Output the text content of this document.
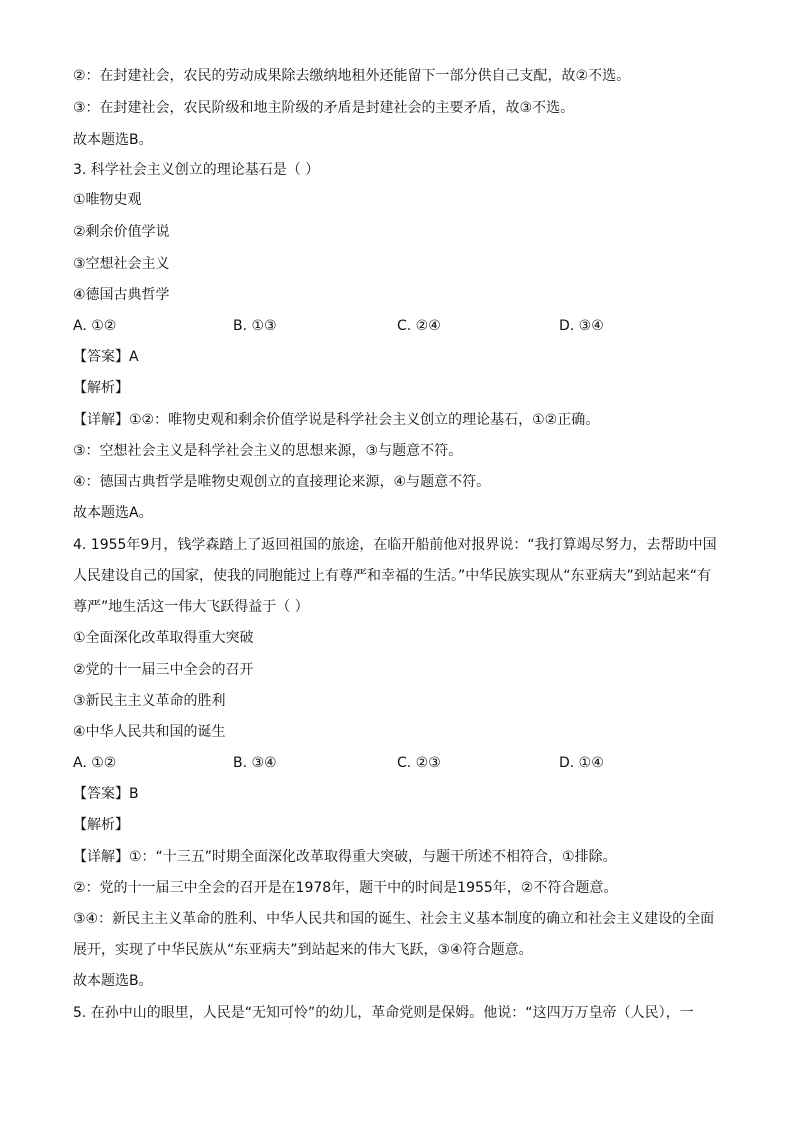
②：在封建社会，农民的劳动成果除去缴纳地租外还能留下一部分供自己支配，故②不选。
③：在封建社会，农民阶级和地主阶级的矛盾是封建社会的主要矛盾，故③不选。
故本题选B。
3. 科学社会主义创立的理论基石是（ ）
①唯物史观
②剩余价值学说
③空想社会主义
④德国古典哲学
A. ①②	B. ①③	C. ②④	D. ③④
【答案】A
【解析】
【详解】①②：唯物史观和剩余价值学说是科学社会主义创立的理论基石，①②正确。
③：空想社会主义是科学社会主义的思想来源，③与题意不符。
④：德国古典哲学是唯物史观创立的直接理论来源，④与题意不符。
故本题选A。
4. 1955年9月，钱学森踏上了返回祖国的旅途，在临开船前他对报界说：“我打算竭尽努力，去帮助中国
人民建设自己的国家，使我的同胞能过上有尊严和幸福的生活。”中华民族实现从“东亚病夫”到站起来“有
尊严”地生活这一伟大飞跃得益于（ ）
①全面深化改革取得重大突破
②党的十一届三中全会的召开
③新民主主义革命的胜利
④中华人民共和国的诞生
A. ①②	B. ③④	C. ②③	D. ①④
【答案】B
【解析】
【详解】①：“十三五”时期全面深化改革取得重大突破，与题干所述不相符合，①排除。
②：党的十一届三中全会的召开是在1978年，题干中的时间是1955年，②不符合题意。
③④：新民主主义革命的胜利、中华人民共和国的诞生、社会主义基本制度的确立和社会主义建设的全面
展开，实现了中华民族从“东亚病夫”到站起来的伟大飞跃，③④符合题意。
故本题选B。
5. 在孙中山的眼里，人民是“无知可怜”的幼儿，革命党则是保姆。他说：“这四万万皇帝（人民），一
